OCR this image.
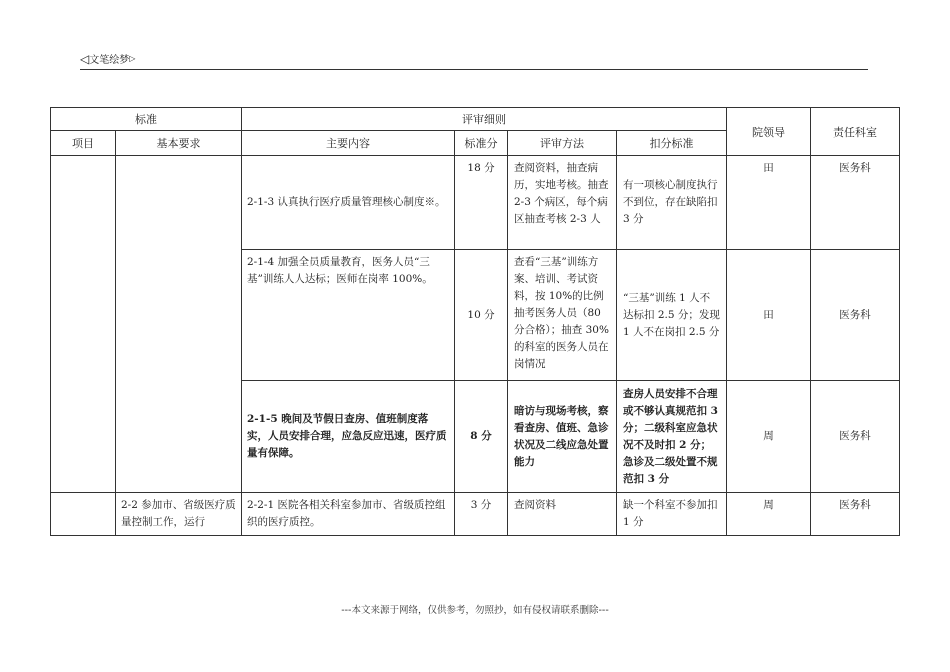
◁文笔绘梦▷
标准		评审细则				院领导	责任科室
项目	基本要求	主要内容	标准分	评审方法	扣分标准		
		2-1-3 认真执行医疗质量管理核心制度※。	18 分	查阅资料，抽查病历，实地考核。抽查 2-3 个病区，每个病区抽查考核 2-3 人	有一项核心制度执行不到位，存在缺陷扣 3 分	田	医务科
		2-1-4 加强全员质量教育，医务人员“三基”训练人人达标；医师在岗率 100%。	10 分	查看“三基”训练方案、培训、考试资料，按 10%的比例抽考医务人员（80 分合格）；抽查 30%的科室的医务人员在岗情况	“三基”训练 1 人不达标扣 2.5 分；发现 1 人不在岗扣 2.5 分	田	医务科
		2-1-5 晚间及节假日查房、值班制度落实，人员安排合理，应急反应迅速，医疗质量有保障。	8 分	暗访与现场考核，察看查房、值班、急诊状况及二线应急处置能力	查房人员安排不合理或不够认真规范扣 3 分；二级科室应急状况不及时扣 2 分；急诊及二级处置不规范扣 3 分	周	医务科
	2-2 参加市、省级医疗质量控制工作，运行	2-2-1 医院各相关科室参加市、省级质控组织的医疗质控。	3 分	查阅资料	缺一个科室不参加扣 1 分	周	医务科
---本文来源于网络，仅供参考，勿照抄，如有侵权请联系删除---
